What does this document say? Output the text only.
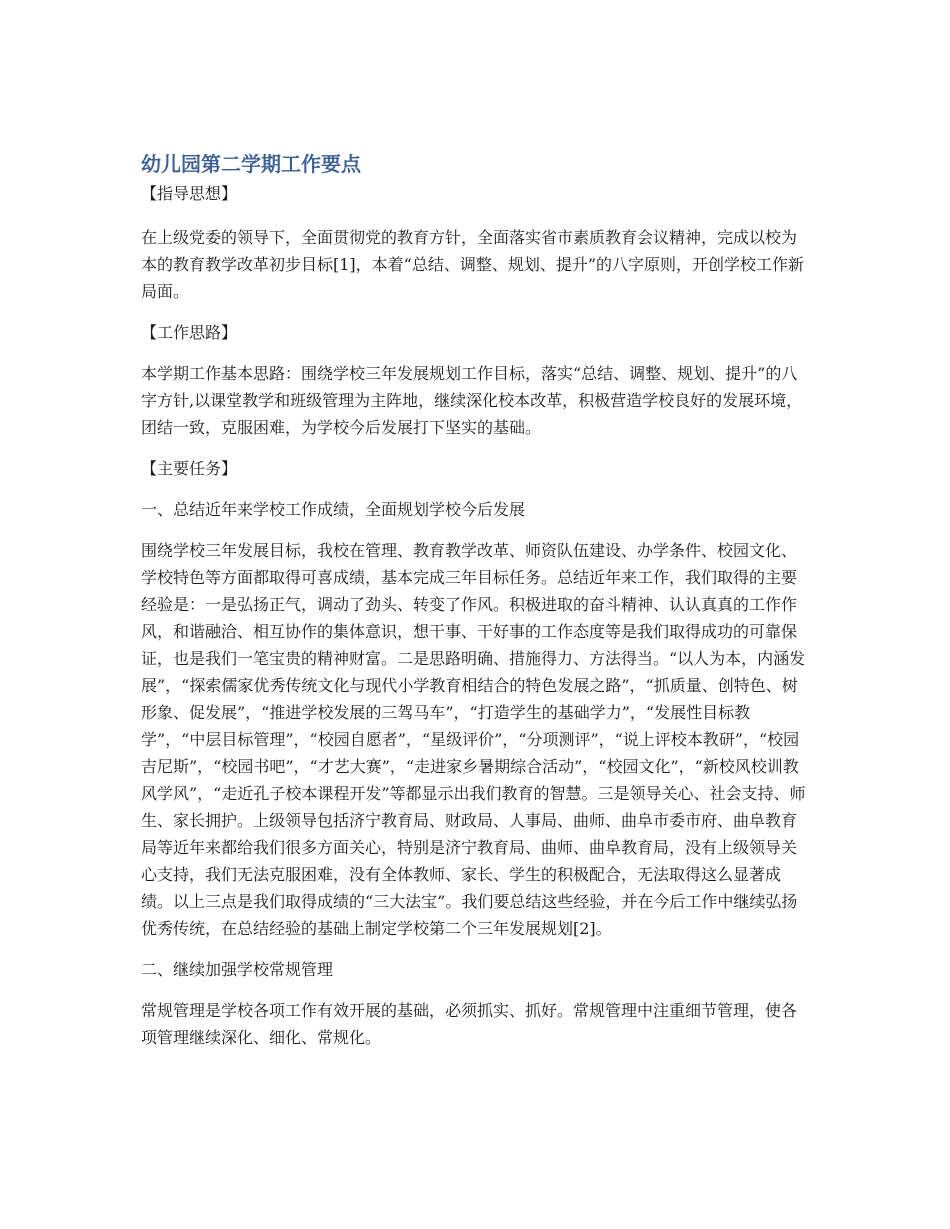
幼儿园第二学期工作要点

【指导思想】

在上级党委的领导下，全面贯彻党的教育方针，全面落实省市素质教育会议精神，完成以校为本的教育教学改革初步目标[1]，本着“总结、调整、规划、提升”的八字原则，开创学校工作新局面。

【工作思路】

本学期工作基本思路：围绕学校三年发展规划工作目标，落实“总结、调整、规划、提升”的八字方针,以课堂教学和班级管理为主阵地，继续深化校本改革，积极营造学校良好的发展环境，团结一致，克服困难，为学校今后发展打下坚实的基础。

【主要任务】

一、总结近年来学校工作成绩，全面规划学校今后发展

围绕学校三年发展目标，我校在管理、教育教学改革、师资队伍建设、办学条件、校园文化、学校特色等方面都取得可喜成绩，基本完成三年目标任务。总结近年来工作，我们取得的主要经验是：一是弘扬正气，调动了劲头、转变了作风。积极进取的奋斗精神、认认真真的工作作风，和谐融洽、相互协作的集体意识，想干事、干好事的工作态度等是我们取得成功的可靠保证，也是我们一笔宝贵的精神财富。二是思路明确、措施得力、方法得当。“以人为本，内涵发展”，“探索儒家优秀传统文化与现代小学教育相结合的特色发展之路”，“抓质量、创特色、树形象、促发展”，“推进学校发展的三驾马车”，“打造学生的基础学力”，“发展性目标教学”，“中层目标管理”，“校园自愿者”，“星级评价”，“分项测评”，“说上评校本教研”，“校园吉尼斯”，“校园书吧”，“才艺大赛”，“走进家乡暑期综合活动”，“校园文化”，“新校风校训教风学风”，“走近孔子校本课程开发”等都显示出我们教育的智慧。三是领导关心、社会支持、师生、家长拥护。上级领导包括济宁教育局、财政局、人事局、曲师、曲阜市委市府、曲阜教育局等近年来都给我们很多方面关心，特别是济宁教育局、曲师、曲阜教育局，没有上级领导关心支持，我们无法克服困难，没有全体教师、家长、学生的积极配合，无法取得这么显著成绩。以上三点是我们取得成绩的“三大法宝”。我们要总结这些经验，并在今后工作中继续弘扬优秀传统，在总结经验的基础上制定学校第二个三年发展规划[2]。

二、继续加强学校常规管理

常规管理是学校各项工作有效开展的基础，必须抓实、抓好。常规管理中注重细节管理，使各项管理继续深化、细化、常规化。
